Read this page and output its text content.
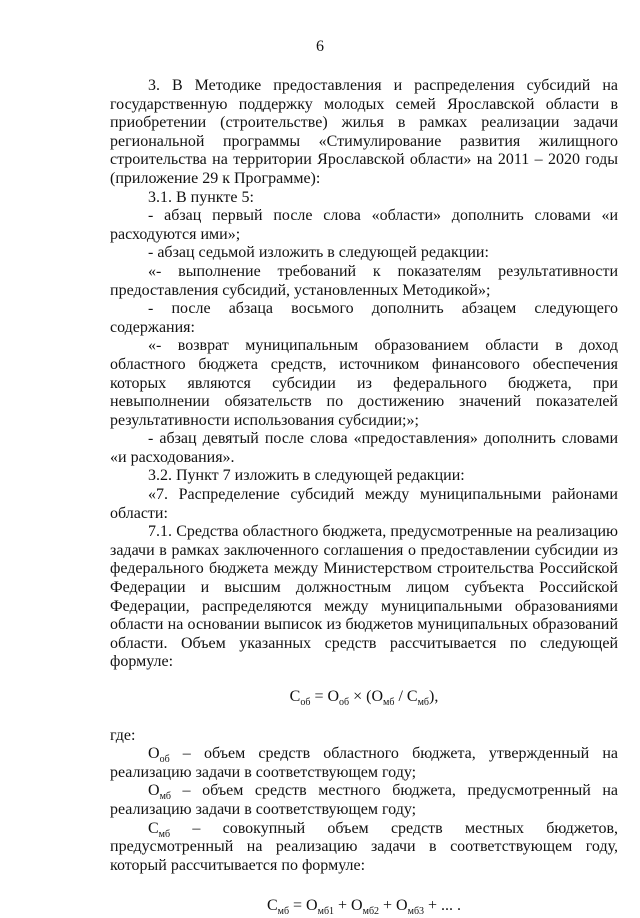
6

3. В Методике предоставления и распределения субсидий на государственную поддержку молодых семей Ярославской области в приобретении (строительстве) жилья в рамках реализации задачи региональной программы «Стимулирование развития жилищного строительства на территории Ярославской области» на 2011 – 2020 годы (приложение 29 к Программе):

3.1. В пункте 5:

- абзац первый после слова «области» дополнить словами «и расходуются ими»;

- абзац седьмой изложить в следующей редакции:

«- выполнение требований к показателям результативности предоставления субсидий, установленных Методикой»;

- после абзаца восьмого дополнить абзацем следующего содержания:

«- возврат муниципальным образованием области в доход областного бюджета средств, источником финансового обеспечения которых являются субсидии из федерального бюджета, при невыполнении обязательств по достижению значений показателей результативности использования субсидии;»;

- абзац девятый после слова «предоставления» дополнить словами «и расходования».

3.2. Пункт 7 изложить в следующей редакции:

«7. Распределение субсидий между муниципальными районами области:

7.1. Средства областного бюджета, предусмотренные на реализацию задачи в рамках заключенного соглашения о предоставлении субсидии из федерального бюджета между Министерством строительства Российской Федерации и высшим должностным лицом субъекта Российской Федерации, распределяются между муниципальными образованиями области на основании выписок из бюджетов муниципальных образований области. Объем указанных средств рассчитывается по следующей формуле:

$С_{об} = О_{об} \times (О_{мб} / С_{мб})$,

где:

$О_{об}$ – объем средств областного бюджета, утвержденный на реализацию задачи в соответствующем году;

$О_{мб}$ – объем средств местного бюджета, предусмотренный на реализацию задачи в соответствующем году;

$С_{мб}$ – совокупный объем средств местных бюджетов, предусмотренный на реализацию задачи в соответствующем году, который рассчитывается по формуле:

$С_{мб} = О_{мб1} + О_{мб2} + О_{мб3}$ + ... .
